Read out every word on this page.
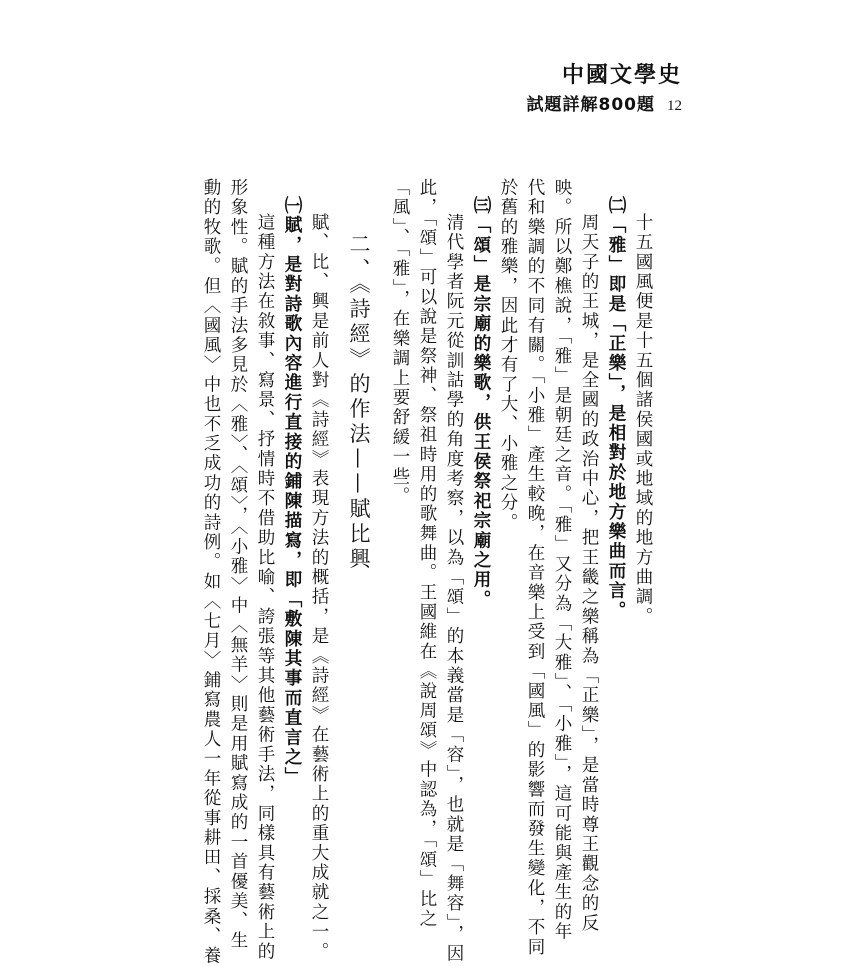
中國文學史
試題詳解800題 12
十五國風便是十五個諸侯國或地域的地方曲調。
㈡「雅」即是「正樂」，是相對於地方樂曲而言。
周天子的王城，是全國的政治中心，把王畿之樂稱為「正樂」，是當時尊王觀念的反
映。所以鄭樵說，「雅」是朝廷之音。「雅」又分為「大雅」、「小雅」，這可能與產生的年
代和樂調的不同有關。「小雅」產生較晚，在音樂上受到「國風」的影響而發生變化，不同
於舊的雅樂，因此才有了大、小雅之分。
㈢「頌」是宗廟的樂歌，供王侯祭祀宗廟之用。
清代學者阮元從訓詁學的角度考察，以為「頌」的本義當是「容」，也就是「舞容」，因
此，「頌」可以說是祭神、祭祖時用的歌舞曲。王國維在《說周頌》中認為，「頌」比之
「風」、「雅」，在樂調上要舒緩一些。
二、《詩經》的作法——賦比興
賦、比、興是前人對《詩經》表現方法的概括，是《詩經》在藝術上的重大成就之一。
㈠賦，是對詩歌內容進行直接的鋪陳描寫，即「敷陳其事而直言之」
這種方法在敘事、寫景、抒情時不借助比喻、誇張等其他藝術手法，同樣具有藝術上的
形象性。賦的手法多見於〈雅〉、〈頌〉，〈小雅〉中〈無羊〉則是用賦寫成的一首優美、生
動的牧歌。但〈國風〉中也不乏成功的詩例。如〈七月〉鋪寫農人一年從事耕田、採桑、養
